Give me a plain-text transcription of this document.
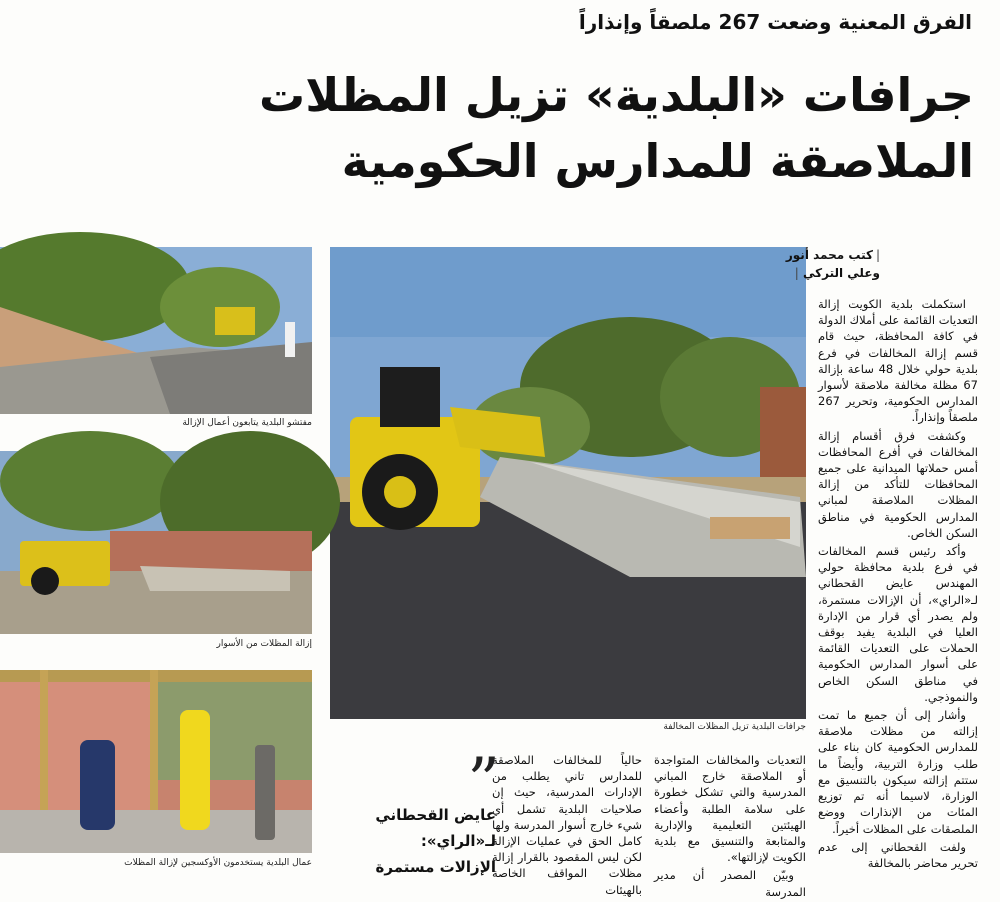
الفرق المعنية وضعت 267 ملصقاً وإنذاراً
جرافات «البلدية» تزيل المظلات
الملاصقة للمدارس الحكومية
جرافات البلدية تزيل المظلات المخالفة
مفتشو البلدية يتابعون أعمال الإزالة
إزالة المظلات من الأسوار
عمال البلدية يستخدمون الأوكسجين لإزالة المظلات
|كتب محمد أنور
وعلي التركي |

استكملت بلدية الكويت إزالة التعديات القائمة على أملاك الدولة في كافة المحافظة، حيث قام قسم إزالة المخالفات في فرع بلدية حولي خلال 48 ساعة بإزالة 67 مظلة مخالفة ملاصقة لأسوار المدارس الحكومية، وتحرير 267 ملصقاً وإنذاراً.

وكشفت فرق أقسام إزالة المخالفات في أفرع المحافظات أمس حملاتها الميدانية على جميع المحافظات للتأكد من إزالة المظلات الملاصقة لمباني المدارس الحكومية في مناطق السكن الخاص.

وأكد رئيس قسم المخالفات في فرع بلدية محافظة حولي المهندس عايض القحطاني لـ«الراي»، أن الإزالات مستمرة، ولم يصدر أي قرار من الإدارة العليا في البلدية يفيد بوقف الحملات على التعديات القائمة على أسوار المدارس الحكومية في مناطق السكن الخاص والنموذجي.

وأشار إلى أن جميع ما تمت إزالته من مظلات ملاصقة للمدارس الحكومية كان بناء على طلب وزارة التربية، وأيضاً ما ستتم إزالته سيكون بالتنسيق مع الوزارة، لاسيما أنه تم توزيع المئات من الإنذارات ووضع الملصقات على المظلات أخيراً.

ولفت القحطاني إلى عدم تحرير محاضر بالمخالفة

التعديات والمخالفات المتواجدة أو الملاصقة خارج المباني المدرسية والتي تشكل خطورة على سلامة الطلبة وأعضاء الهيئتين التعليمية والإدارية والمتابعة والتنسيق مع بلدية الكويت لإزالتها».

وبيّن المصدر أن مدير المدرسة

حالياً للمخالفات الملاصقة للمدارس تاني يطلب من الإدارات المدرسية، حيث إن صلاحيات البلدية تشمل أي شيء خارج أسوار المدرسة ولها كامل الحق في عمليات الإزالة لكن ليس المقصود بالقرار إزالة مظلات المواقف الخاصة بالهيئات

”
عايض القحطاني
لـ«الراي»:
الإزالات مستمرة
